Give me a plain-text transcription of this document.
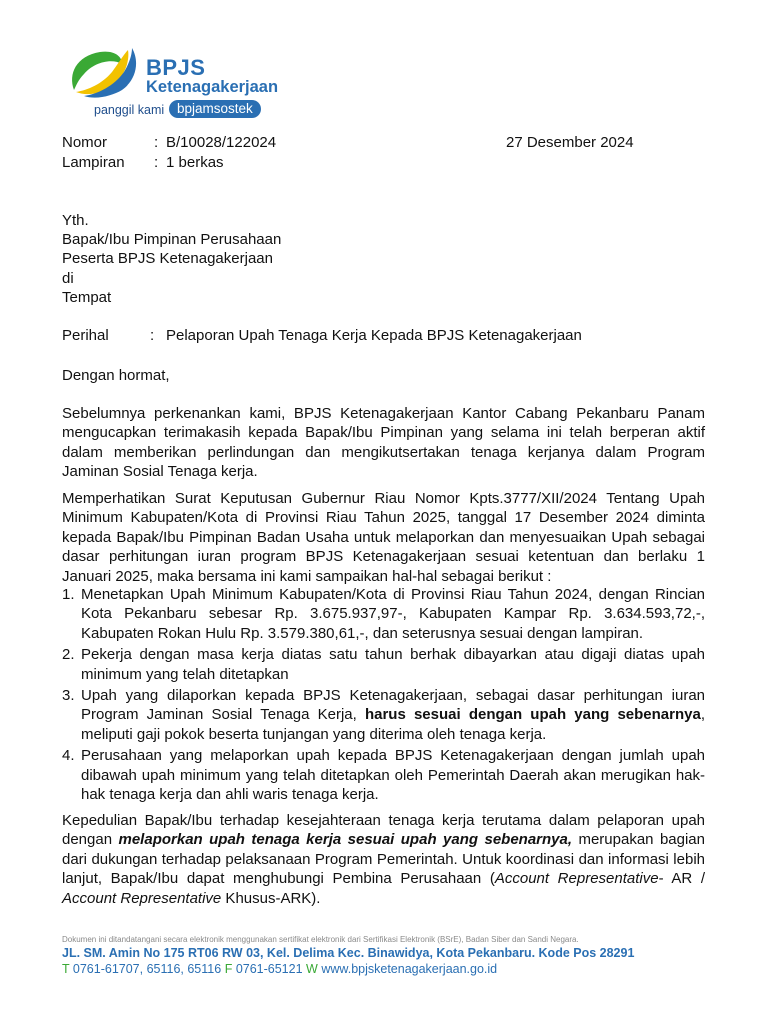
BPJS
Ketenagakerjaan
panggil kami bpjamsostek
Nomor	: B/10028/122024
Lampiran : 1 berkas
27 Desember 2024
Yth.
Bapak/Ibu Pimpinan Perusahaan
Peserta BPJS Ketenagakerjaan
di
Tempat
Perihal	: Pelaporan Upah Tenaga Kerja Kepada BPJS Ketenagakerjaan
Dengan hormat,
Sebelumnya perkenankan kami, BPJS Ketenagakerjaan Kantor Cabang Pekanbaru Panam mengucapkan terimakasih kepada Bapak/Ibu Pimpinan yang selama ini telah berperan aktif dalam memberikan perlindungan dan mengikutsertakan tenaga kerjanya dalam Program Jaminan Sosial Tenaga kerja.
Memperhatikan Surat Keputusan Gubernur Riau Nomor Kpts.3777/XII/2024 Tentang Upah Minimum Kabupaten/Kota di Provinsi Riau Tahun 2025, tanggal 17 Desember 2024 diminta kepada Bapak/Ibu Pimpinan Badan Usaha untuk melaporkan dan menyesuaikan Upah sebagai dasar perhitungan iuran program BPJS Ketenagakerjaan sesuai ketentuan dan berlaku 1 Januari 2025, maka bersama ini kami sampaikan hal-hal sebagai berikut :
1. Menetapkan Upah Minimum Kabupaten/Kota di Provinsi Riau Tahun 2024, dengan Rincian Kota Pekanbaru sebesar Rp. 3.675.937,97-, Kabupaten Kampar Rp. 3.634.593,72,-, Kabupaten Rokan Hulu Rp. 3.579.380,61,-, dan seterusnya sesuai dengan lampiran.
2. Pekerja dengan masa kerja diatas satu tahun berhak dibayarkan atau digaji diatas upah minimum yang telah ditetapkan
3. Upah yang dilaporkan kepada BPJS Ketenagakerjaan, sebagai dasar perhitungan iuran Program Jaminan Sosial Tenaga Kerja, harus sesuai dengan upah yang sebenarnya, meliputi gaji pokok beserta tunjangan yang diterima oleh tenaga kerja.
4. Perusahaan yang melaporkan upah kepada BPJS Ketenagakerjaan dengan jumlah upah dibawah upah minimum yang telah ditetapkan oleh Pemerintah Daerah akan merugikan hak-hak tenaga kerja dan ahli waris tenaga kerja.
Kepedulian Bapak/Ibu terhadap kesejahteraan tenaga kerja terutama dalam pelaporan upah dengan melaporkan upah tenaga kerja sesuai upah yang sebenarnya, merupakan bagian dari dukungan terhadap pelaksanaan Program Pemerintah. Untuk koordinasi dan informasi lebih lanjut, Bapak/Ibu dapat menghubungi Pembina Perusahaan (Account Representative- AR / Account Representative Khusus-ARK).
Dokumen ini ditandatangani secara elektronik menggunakan sertifikat elektronik dari Sertifikasi Elektronik (BSrE), Badan Siber dan Sandi Negara.
JL. SM. Amin No 175 RT06 RW 03, Kel. Delima Kec. Binawidya, Kota Pekanbaru. Kode Pos 28291
T 0761-61707, 65116, 65116 F 0761-65121 W www.bpjsketenagakerjaan.go.id
